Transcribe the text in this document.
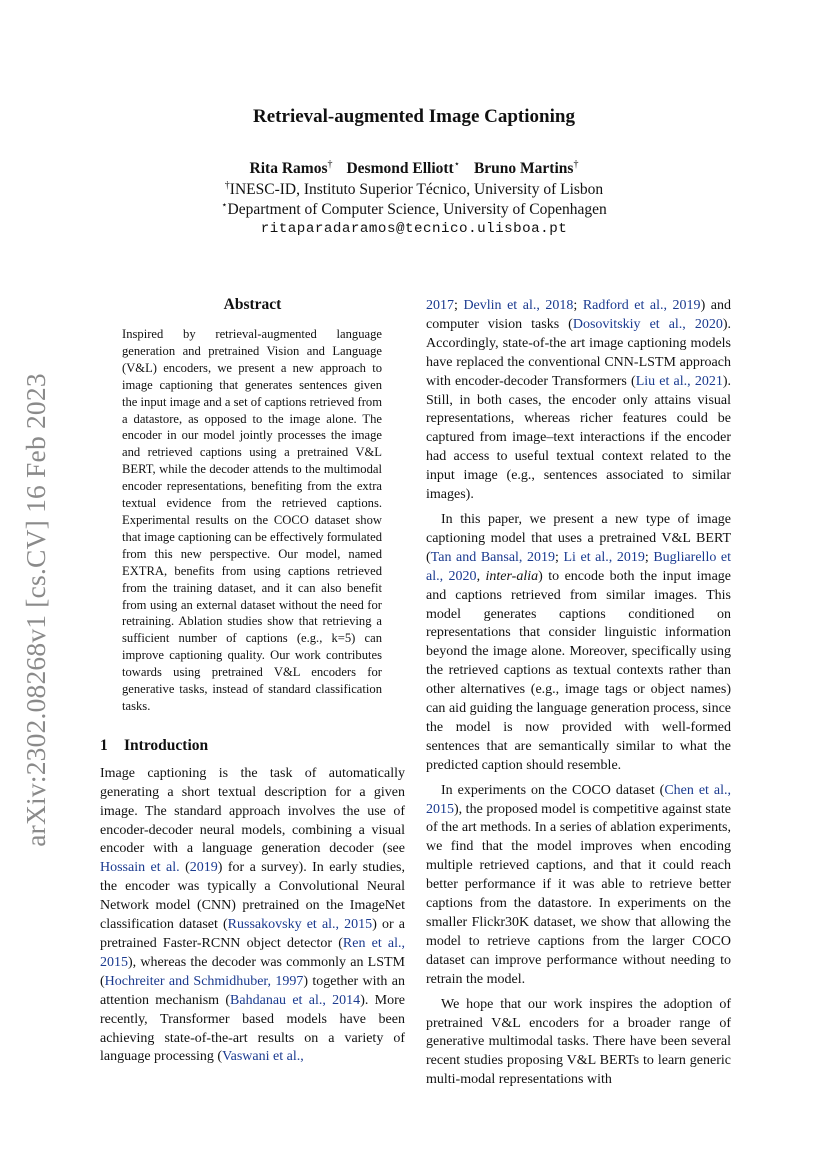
arXiv:2302.08268v1 [cs.CV] 16 Feb 2023
Retrieval-augmented Image Captioning
Rita Ramos† Desmond Elliott⋆ Bruno Martins†
†INESC-ID, Instituto Superior Técnico, University of Lisbon
⋆Department of Computer Science, University of Copenhagen
ritaparadaramos@tecnico.ulisboa.pt
Abstract

Inspired by retrieval-augmented language generation and pretrained Vision and Language (V&L) encoders, we present a new approach to image captioning that generates sentences given the input image and a set of captions retrieved from a datastore, as opposed to the image alone. The encoder in our model jointly processes the image and retrieved captions using a pretrained V&L BERT, while the decoder attends to the multimodal encoder representations, benefiting from the extra textual evidence from the retrieved captions. Experimental results on the COCO dataset show that image captioning can be effectively formulated from this new perspective. Our model, named EXTRA, benefits from using captions retrieved from the training dataset, and it can also benefit from using an external dataset without the need for retraining. Ablation studies show that retrieving a sufficient number of captions (e.g., k=5) can improve captioning quality. Our work contributes towards using pretrained V&L encoders for generative tasks, instead of standard classification tasks.

1 Introduction

Image captioning is the task of automatically generating a short textual description for a given image. The standard approach involves the use of encoder-decoder neural models, combining a visual encoder with a language generation decoder (see Hossain et al. (2019) for a survey). In early studies, the encoder was typically a Convolutional Neural Network model (CNN) pretrained on the ImageNet classification dataset (Russakovsky et al., 2015) or a pretrained Faster-RCNN object detector (Ren et al., 2015), whereas the decoder was commonly an LSTM (Hochreiter and Schmidhuber, 1997) together with an attention mechanism (Bahdanau et al., 2014). More recently, Transformer based models have been achieving state-of-the-art results on a variety of language processing (Vaswani et al.,

2017; Devlin et al., 2018; Radford et al., 2019) and computer vision tasks (Dosovitskiy et al., 2020). Accordingly, state-of-the art image captioning models have replaced the conventional CNN-LSTM approach with encoder-decoder Transformers (Liu et al., 2021). Still, in both cases, the encoder only attains visual representations, whereas richer features could be captured from image–text interactions if the encoder had access to useful textual context related to the input image (e.g., sentences associated to similar images).

In this paper, we present a new type of image captioning model that uses a pretrained V&L BERT (Tan and Bansal, 2019; Li et al., 2019; Bugliarello et al., 2020, inter-alia) to encode both the input image and captions retrieved from similar images. This model generates captions conditioned on representations that consider linguistic information beyond the image alone. Moreover, specifically using the retrieved captions as textual contexts rather than other alternatives (e.g., image tags or object names) can aid guiding the language generation process, since the model is now provided with well-formed sentences that are semantically similar to what the predicted caption should resemble.

In experiments on the COCO dataset (Chen et al., 2015), the proposed model is competitive against state of the art methods. In a series of ablation experiments, we find that the model improves when encoding multiple retrieved captions, and that it could reach better performance if it was able to retrieve better captions from the datastore. In experiments on the smaller Flickr30K dataset, we show that allowing the model to retrieve captions from the larger COCO dataset can improve performance without needing to retrain the model.

We hope that our work inspires the adoption of pretrained V&L encoders for a broader range of generative multimodal tasks. There have been several recent studies proposing V&L BERTs to learn generic multi-modal representations with
